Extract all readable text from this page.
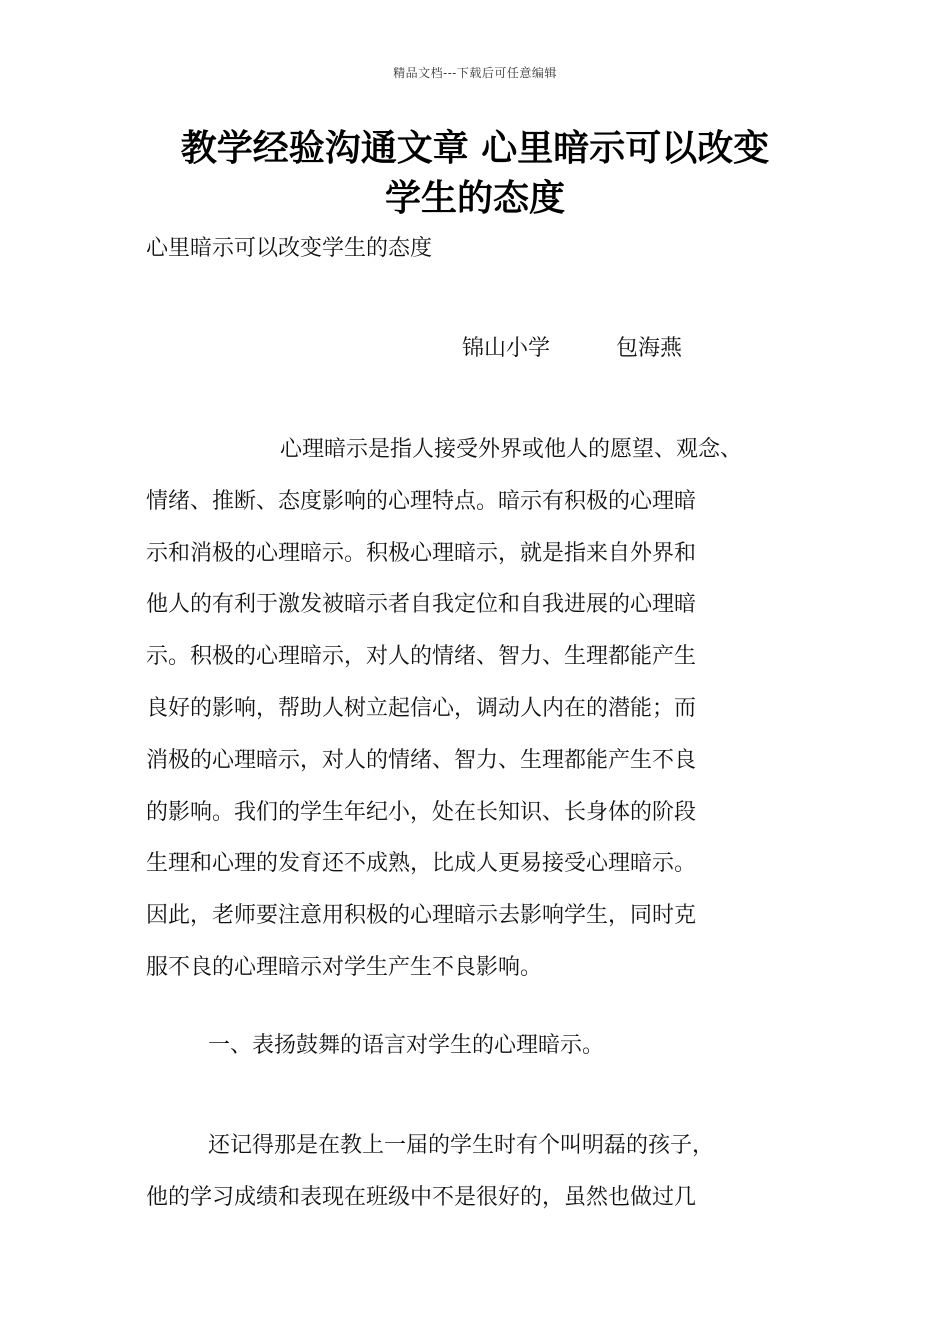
精品文档---下载后可任意编辑
教学经验沟通文章 心里暗示可以改变
学生的态度
心里暗示可以改变学生的态度
锦山小学	包海燕
心理暗示是指人接受外界或他人的愿望、观念、
情绪、推断、态度影响的心理特点。暗示有积极的心理暗
示和消极的心理暗示。积极心理暗示，就是指来自外界和
他人的有利于激发被暗示者自我定位和自我进展的心理暗
示。积极的心理暗示，对人的情绪、智力、生理都能产生
良好的影响，帮助人树立起信心，调动人内在的潜能；而
消极的心理暗示，对人的情绪、智力、生理都能产生不良
的影响。我们的学生年纪小，处在长知识、长身体的阶段
生理和心理的发育还不成熟，比成人更易接受心理暗示。
因此，老师要注意用积极的心理暗示去影响学生，同时克
服不良的心理暗示对学生产生不良影响。
一、表扬鼓舞的语言对学生的心理暗示。
还记得那是在教上一届的学生时有个叫明磊的孩子，
他的学习成绩和表现在班级中不是很好的，虽然也做过几
